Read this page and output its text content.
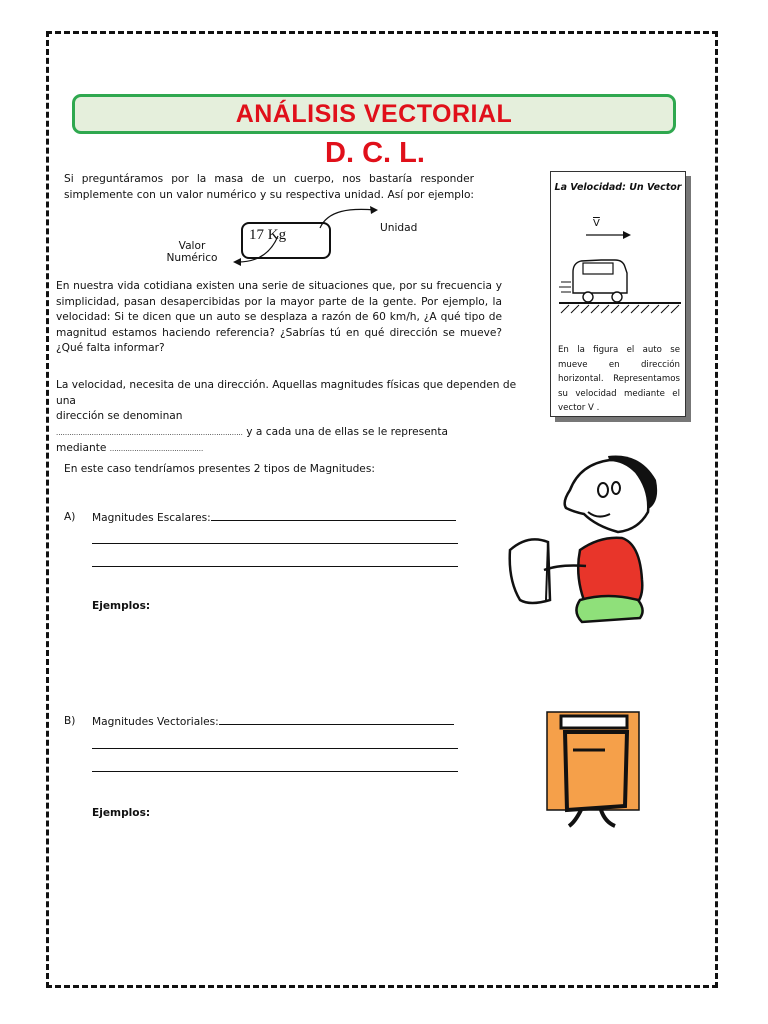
ANÁLISIS VECTORIAL
D. C. L.
Si preguntáramos por la masa de un cuerpo, nos bastaría responder simplemente con un valor numérico y su respectiva unidad. Así por ejemplo:
17 Kg	Unidad
Valor
Numérico
En nuestra vida cotidiana existen una serie de situaciones que, por su frecuencia y simplicidad, pasan desapercibidas por la mayor parte de la gente. Por ejemplo, la velocidad: Si te dicen que un auto se desplaza a razón de 60 km/h, ¿A qué tipo de magnitud estamos haciendo referencia? ¿Sabrías tú en qué dirección se mueve? ¿Qué falta informar?
La velocidad, necesita de una dirección. Aquellas magnitudes físicas que dependen de una
dirección se denominan
.................................................................................... y a cada una de ellas se le representa
mediante ..........................................
En este caso tendríamos presentes 2 tipos de Magnitudes:
A) Magnitudes Escalares:
Ejemplos:
B) Magnitudes Vectoriales:
Ejemplos:
La Velocidad: Un Vector
$\overline{V}$
En la figura el auto se mueve en dirección horizontal. Representamos su velocidad mediante el vector V .
